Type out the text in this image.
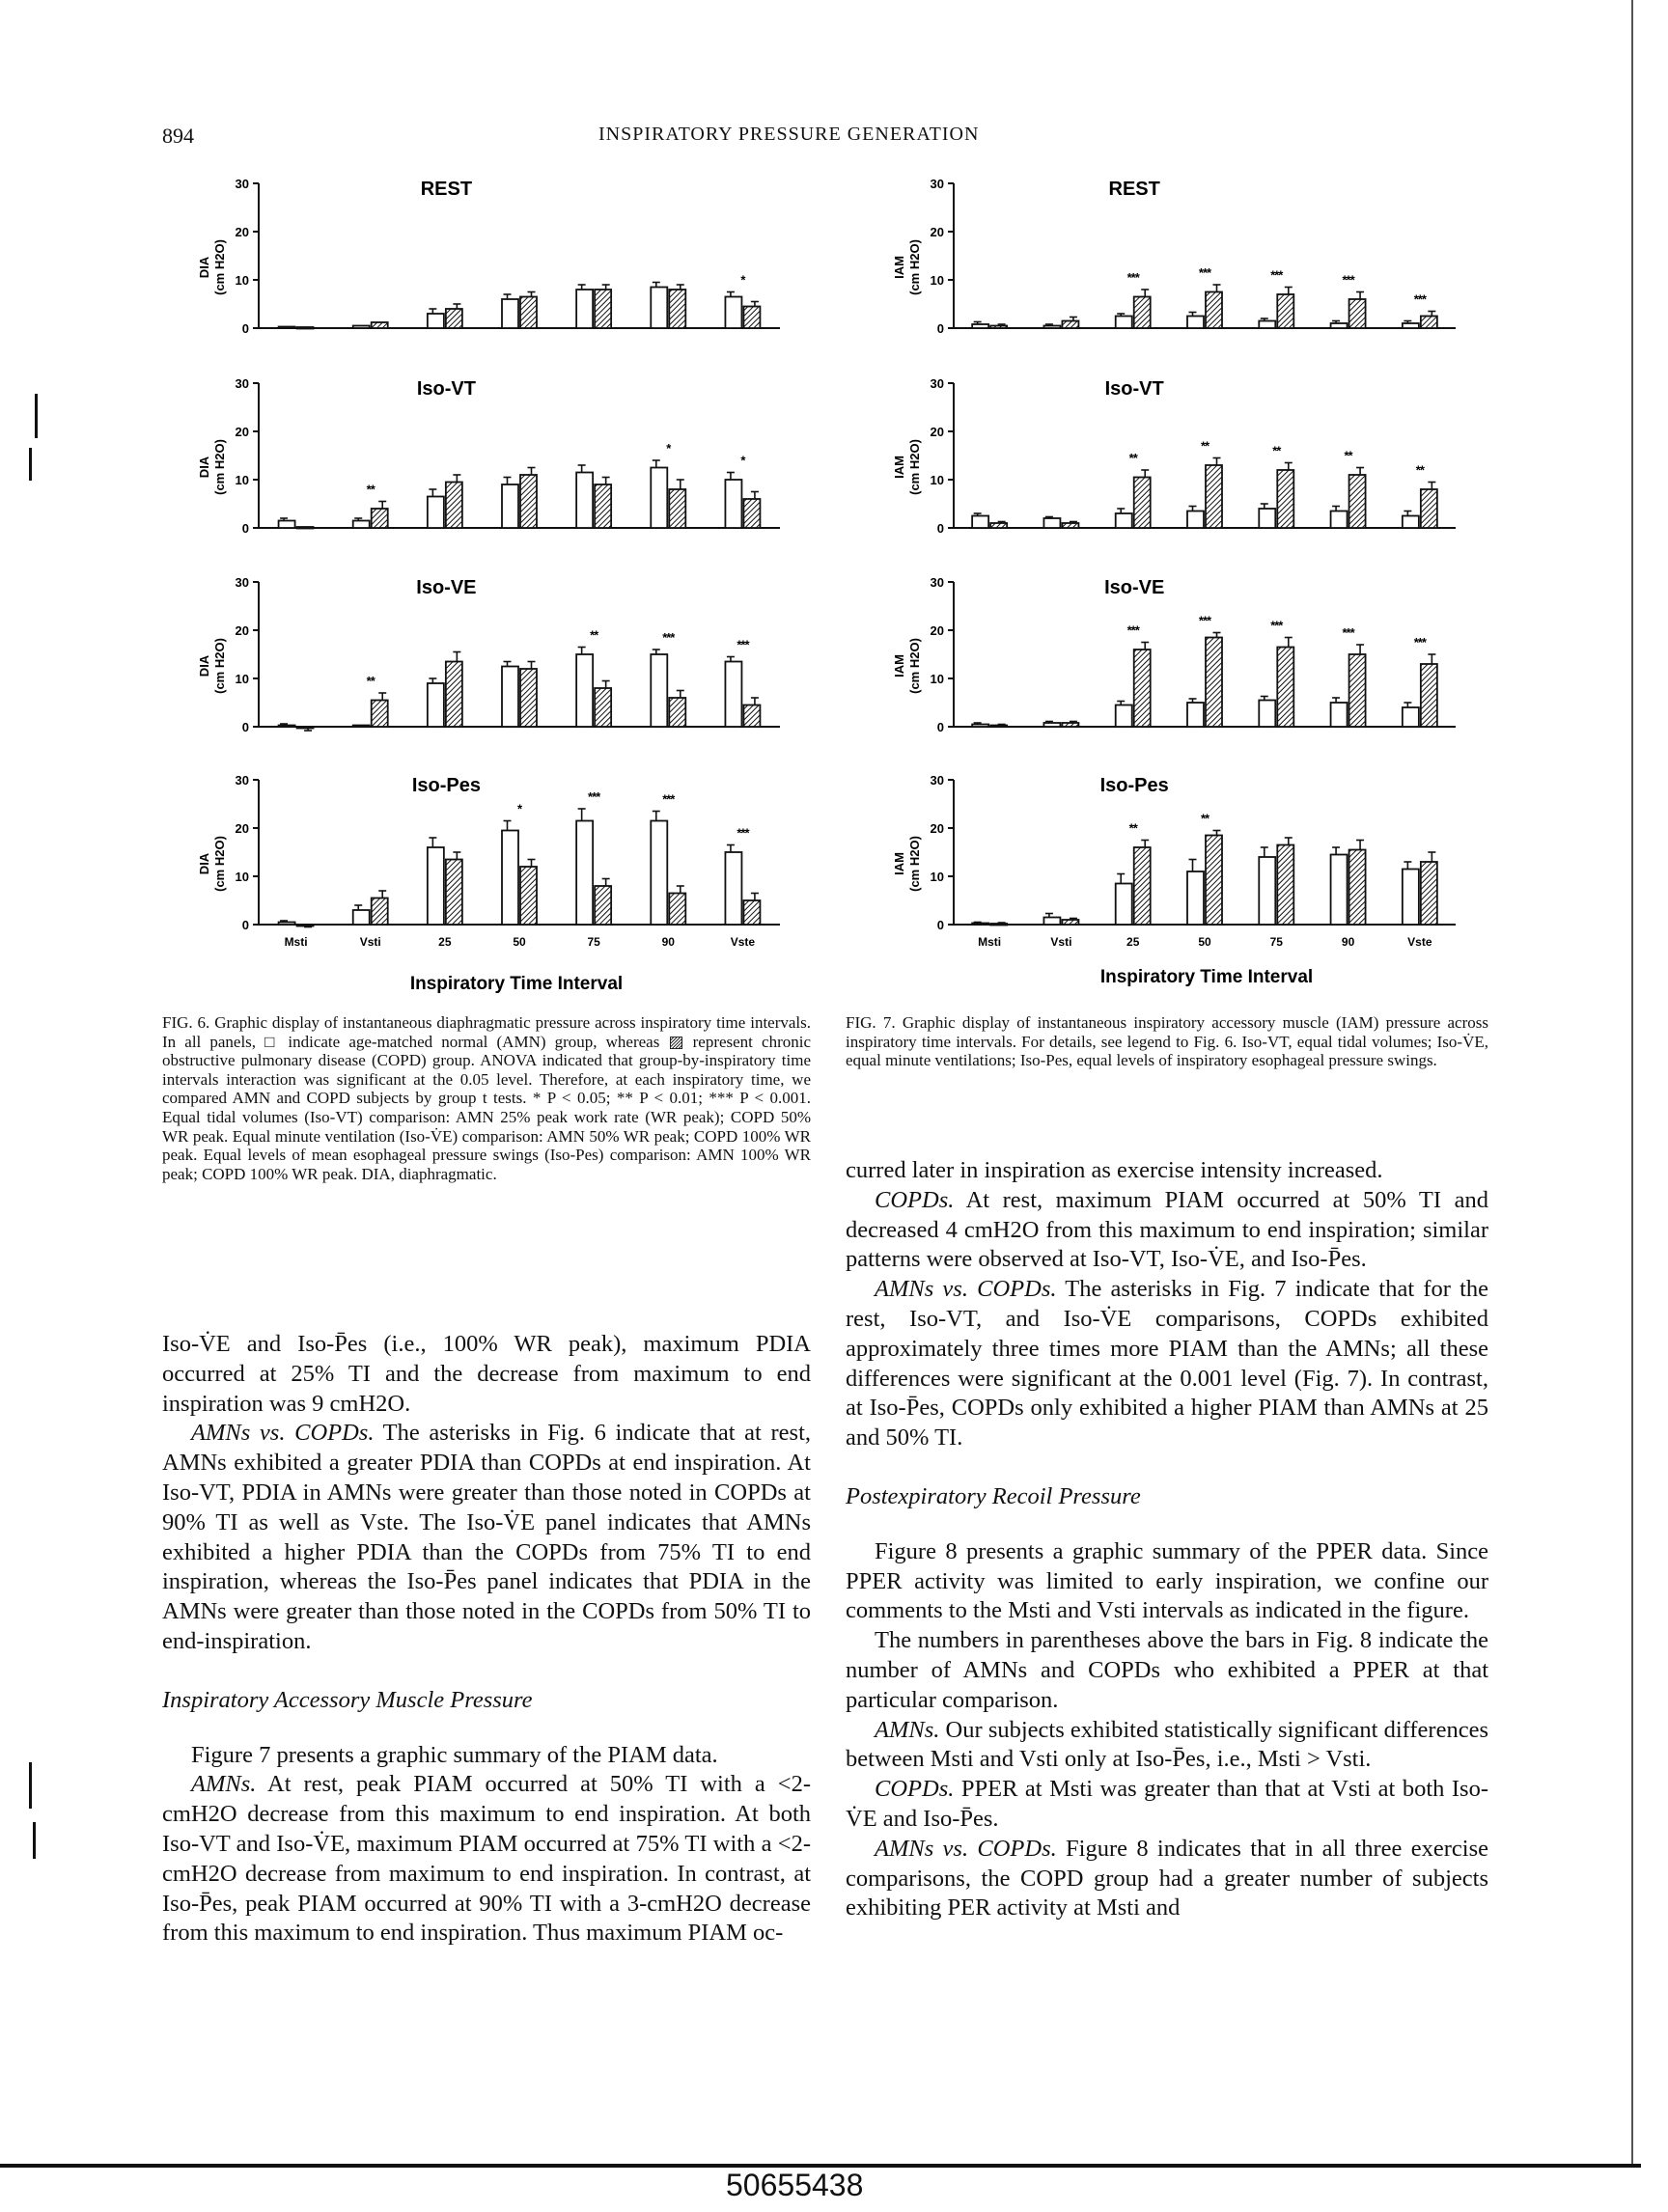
894	INSPIRATORY PRESSURE GENERATION
Inspiratory Time Interval	Inspiratory Time Interval
0
10
20
30
DIA (cm H2O)
REST
*
0
10
20
30
DIA (cm H2O)
Iso-VT
**
*
*
0
10
20
30
DIA (cm H2O)
Iso-VE
**
**	***	***
0
10
20
30
DIA (cm H2O)
Iso-Pes
Msti	Vsti	25
*
50
***
75
***
90
***
Vste
0
10
20
30
IAM (cm H2O)
REST
***	***	***	***
***
0
10
20
30
IAM (cm H2O)
Iso-VT
**
**	**	**
**
0
10
20
30
IAM (cm H2O)
Iso-VE
***
***	***	***
***
0
10
20
30
IAM (cm H2O)
Iso-Pes
Msti	Vsti
**
25
**
50	75	90	Vste
FIG. 6. Graphic display of instantaneous diaphragmatic pressure across inspiratory time intervals. In all panels, □ indicate age-matched normal (AMN) group, whereas ▨ represent chronic obstructive pulmonary disease (COPD) group. ANOVA indicated that group-by-inspiratory time intervals interaction was significant at the 0.05 level. Therefore, at each inspiratory time, we compared AMN and COPD subjects by group t tests. * P < 0.05; ** P < 0.01; *** P < 0.001. Equal tidal volumes (Iso-VT) comparison: AMN 25% peak work rate (WR peak); COPD 50% WR peak. Equal minute ventilation (Iso-V̇E) comparison: AMN 50% WR peak; COPD 100% WR peak. Equal levels of mean esophageal pressure swings (Iso-Pes) comparison: AMN 100% WR peak; COPD 100% WR peak. DIA, diaphragmatic.
FIG. 7. Graphic display of instantaneous inspiratory accessory muscle (IAM) pressure across inspiratory time intervals. For details, see legend to Fig. 6. Iso-VT, equal tidal volumes; Iso-V̇E, equal minute ventilations; Iso-Pes, equal levels of inspiratory esophageal pressure swings.

Iso-V̇E and Iso-P̄es (i.e., 100% WR peak), maximum PDIA occurred at 25% TI and the decrease from maximum to end inspiration was 9 cmH2O.

AMNs vs. COPDs. The asterisks in Fig. 6 indicate that at rest, AMNs exhibited a greater PDIA than COPDs at end inspiration. At Iso-VT, PDIA in AMNs were greater than those noted in COPDs at 90% TI as well as Vste. The Iso-V̇E panel indicates that AMNs exhibited a higher PDIA than the COPDs from 75% TI to end inspiration, whereas the Iso-P̄es panel indicates that PDIA in the AMNs were greater than those noted in the COPDs from 50% TI to end-inspiration.

Inspiratory Accessory Muscle Pressure

Figure 7 presents a graphic summary of the PIAM data.

AMNs. At rest, peak PIAM occurred at 50% TI with a <2-cmH2O decrease from this maximum to end inspiration. At both Iso-VT and Iso-V̇E, maximum PIAM occurred at 75% TI with a <2-cmH2O decrease from maximum to end inspiration. In contrast, at Iso-P̄es, peak PIAM occurred at 90% TI with a 3-cmH2O decrease from this maximum to end inspiration. Thus maximum PIAM oc-

curred later in inspiration as exercise intensity increased.

COPDs. At rest, maximum PIAM occurred at 50% TI and decreased 4 cmH2O from this maximum to end inspiration; similar patterns were observed at Iso-VT, Iso-V̇E, and Iso-P̄es.

AMNs vs. COPDs. The asterisks in Fig. 7 indicate that for the rest, Iso-VT, and Iso-V̇E comparisons, COPDs exhibited approximately three times more PIAM than the AMNs; all these differences were significant at the 0.001 level (Fig. 7). In contrast, at Iso-P̄es, COPDs only exhibited a higher PIAM than AMNs at 25 and 50% TI.

Postexpiratory Recoil Pressure

Figure 8 presents a graphic summary of the PPER data. Since PPER activity was limited to early inspiration, we confine our comments to the Msti and Vsti intervals as indicated in the figure.

The numbers in parentheses above the bars in Fig. 8 indicate the number of AMNs and COPDs who exhibited a PPER at that particular comparison.

AMNs. Our subjects exhibited statistically significant differences between Msti and Vsti only at Iso-P̄es, i.e., Msti > Vsti.

COPDs. PPER at Msti was greater than that at Vsti at both Iso-V̇E and Iso-P̄es.

AMNs vs. COPDs. Figure 8 indicates that in all three exercise comparisons, the COPD group had a greater number of subjects exhibiting PER activity at Msti and

50655438
